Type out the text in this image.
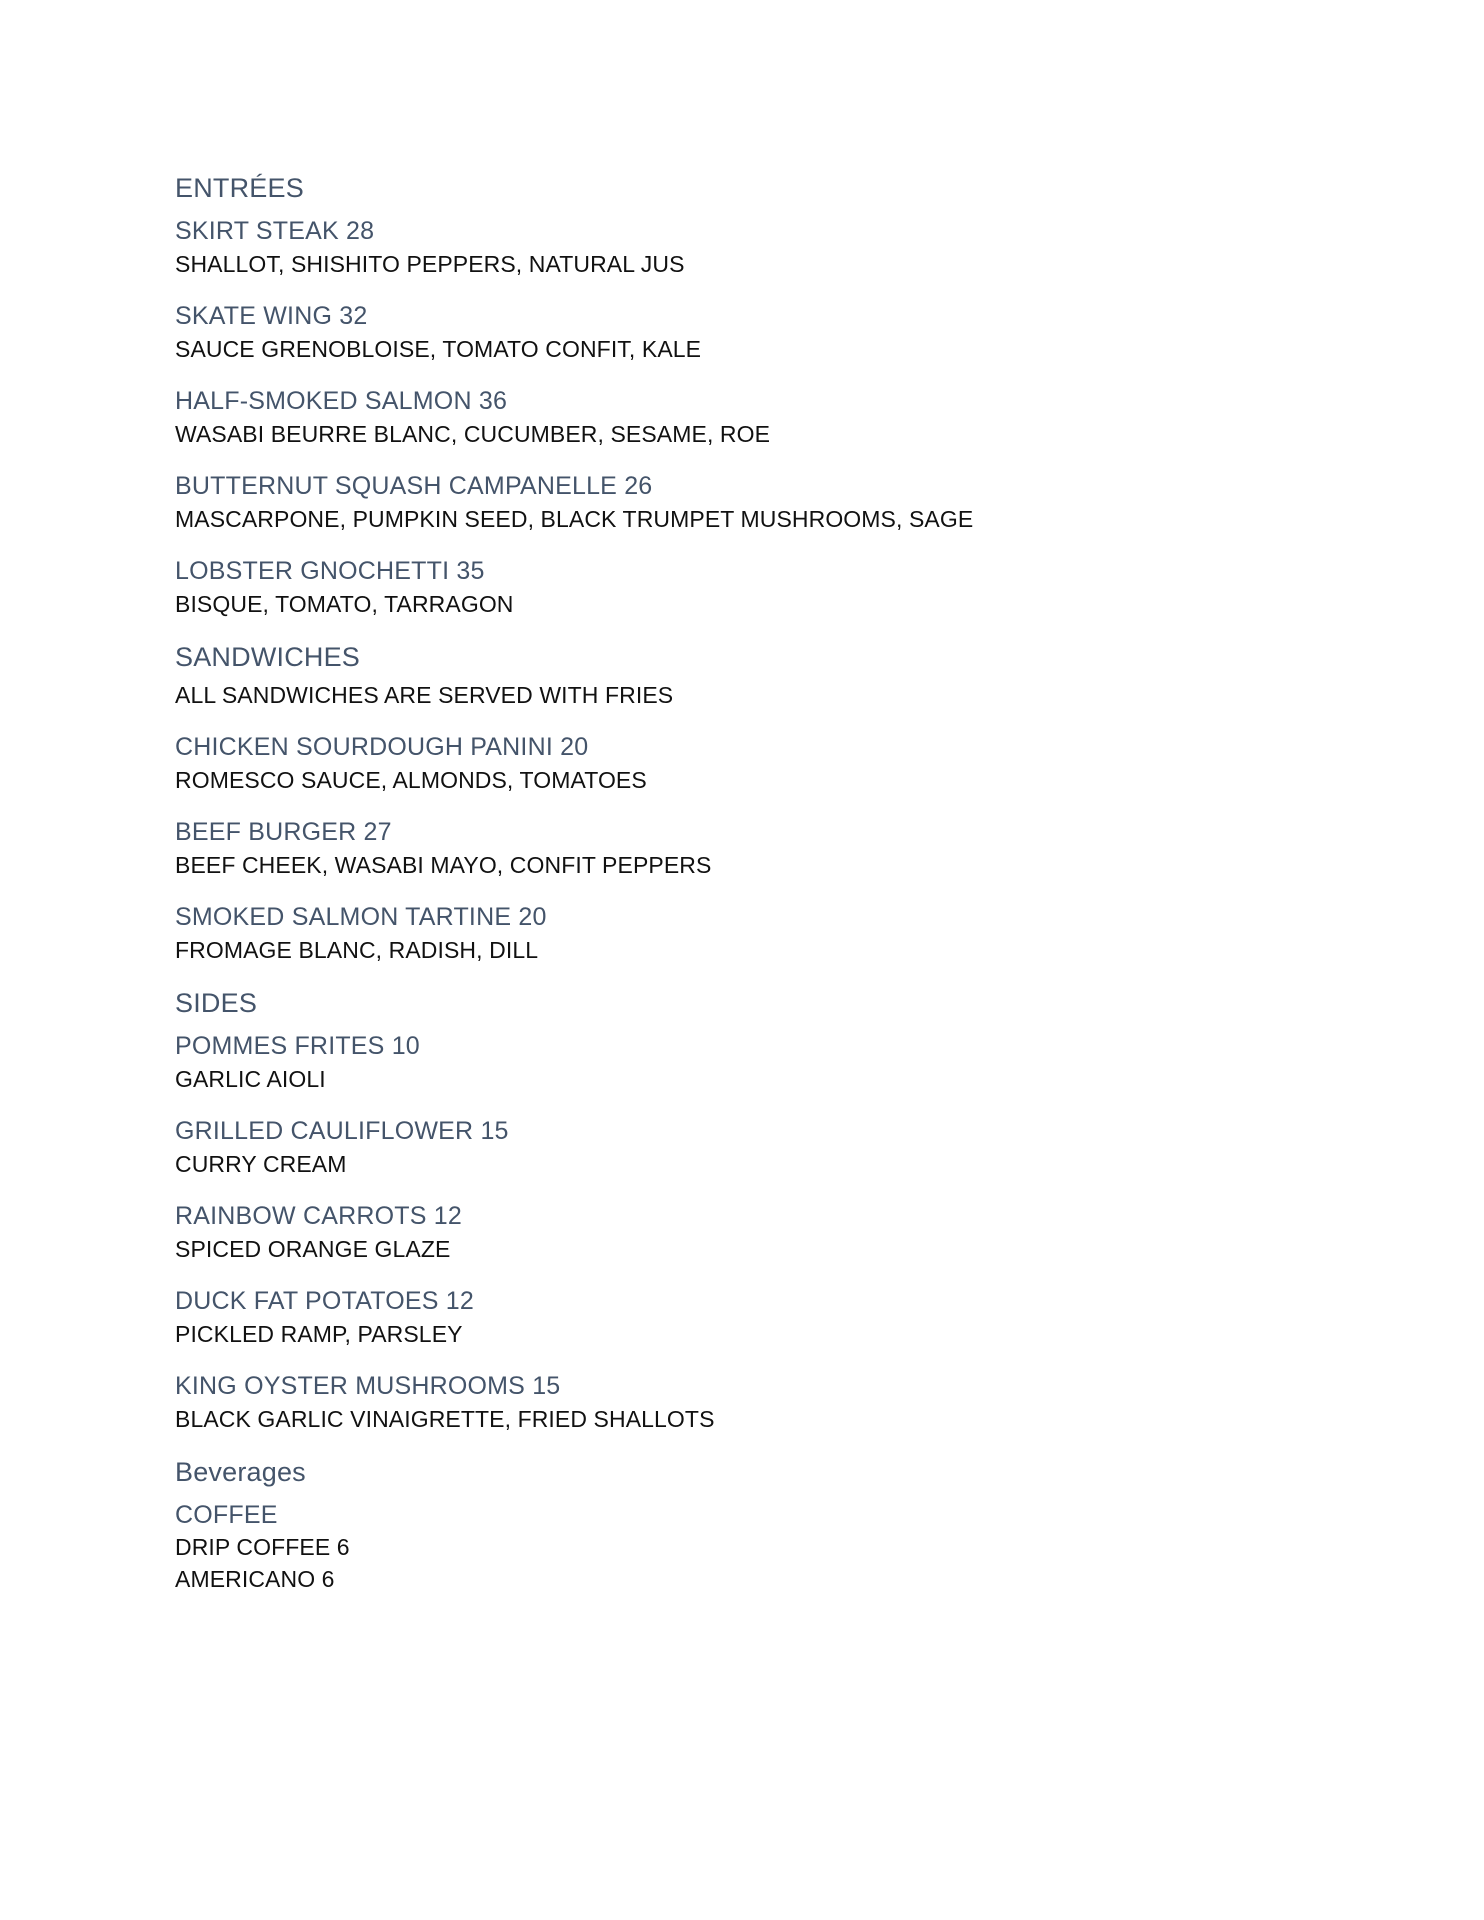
ENTRÉES
SKIRT STEAK 28
SHALLOT, SHISHITO PEPPERS, NATURAL JUS
SKATE WING 32
SAUCE GRENOBLOISE, TOMATO CONFIT, KALE
HALF-SMOKED SALMON 36
WASABI BEURRE BLANC, CUCUMBER, SESAME, ROE
BUTTERNUT SQUASH CAMPANELLE 26
MASCARPONE, PUMPKIN SEED, BLACK TRUMPET MUSHROOMS, SAGE
LOBSTER GNOCHETTI 35
BISQUE, TOMATO, TARRAGON
SANDWICHES
ALL SANDWICHES ARE SERVED WITH FRIES
CHICKEN SOURDOUGH PANINI 20
ROMESCO SAUCE, ALMONDS, TOMATOES
BEEF BURGER 27
BEEF CHEEK, WASABI MAYO, CONFIT PEPPERS
SMOKED SALMON TARTINE 20
FROMAGE BLANC, RADISH, DILL
SIDES
POMMES FRITES 10
GARLIC AIOLI
GRILLED CAULIFLOWER 15
CURRY CREAM
RAINBOW CARROTS 12
SPICED ORANGE GLAZE
DUCK FAT POTATOES 12
PICKLED RAMP, PARSLEY
KING OYSTER MUSHROOMS 15
BLACK GARLIC VINAIGRETTE, FRIED SHALLOTS
Beverages
COFFEE
DRIP COFFEE 6
AMERICANO 6
